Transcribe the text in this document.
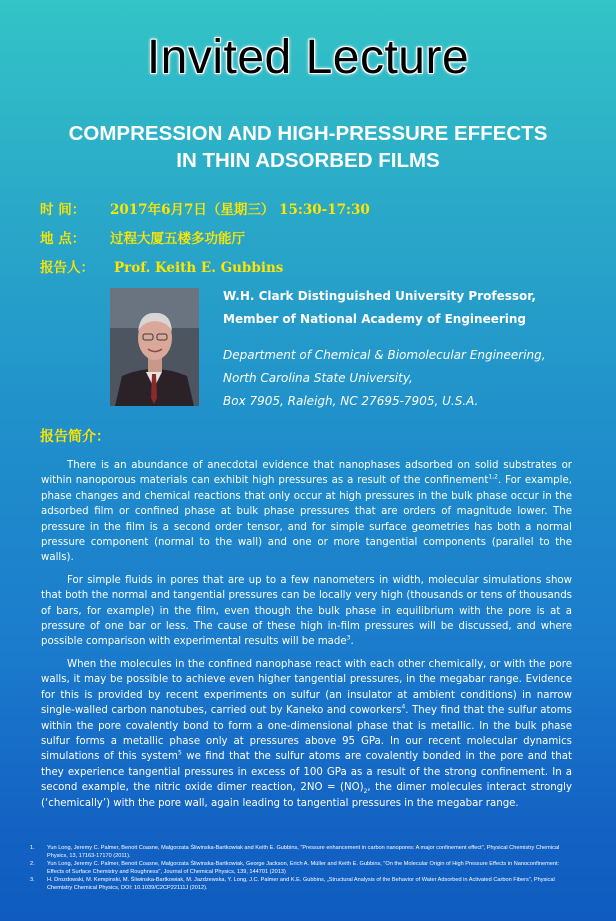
Invited Lecture
COMPRESSION AND HIGH-PRESSURE EFFECTS
IN THIN ADSORBED FILMS
时 间： 2017年6月7日（星期三） 15:30-17:30
地 点： 过程大厦五楼多功能厅
报告人： Prof. Keith E. Gubbins
W.H. Clark Distinguished University Professor,
Member of National Academy of Engineering
Department of Chemical & Biomolecular Engineering,
North Carolina State University,
Box 7905, Raleigh, NC 27695-7905, U.S.A.
报告简介：

There is an abundance of anecdotal evidence that nanophases adsorbed on solid substrates or within nanoporous materials can exhibit high pressures as a result of the confinement$^{1,2}$. For example, phase changes and chemical reactions that only occur at high pressures in the bulk phase occur in the adsorbed film or confined phase at bulk phase pressures that are orders of magnitude lower. The pressure in the film is a second order tensor, and for simple surface geometries has both a normal pressure component (normal to the wall) and one or more tangential components (parallel to the walls).

For simple fluids in pores that are up to a few nanometers in width, molecular simulations show that both the normal and tangential pressures can be locally very high (thousands or tens of thousands of bars, for example) in the film, even though the bulk phase in equilibrium with the pore is at a pressure of one bar or less. The cause of these high in-film pressures will be discussed, and where possible comparison with experimental results will be made$^3$.

When the molecules in the confined nanophase react with each other chemically, or with the pore walls, it may be possible to achieve even higher tangential pressures, in the megabar range. Evidence for this is provided by recent experiments on sulfur (an insulator at ambient conditions) in narrow single-walled carbon nanotubes, carried out by Kaneko and coworkers$^4$. They find that the sulfur atoms within the pore covalently bond to form a one-dimensional phase that is metallic. In the bulk phase sulfur forms a metallic phase only at pressures above 95 GPa. In our recent molecular dynamics simulations of this system$^5$ we find that the sulfur atoms are covalently bonded in the pore and that they experience tangential pressures in excess of 100 GPa as a result of the strong confinement. In a second example, the nitric oxide dimer reaction, $2NO = (NO)_2$, the dimer molecules interact strongly (‘chemically’) with the pore wall, again leading to tangential pressures in the megabar range.

1.	Yun Long, Jeremy C. Palmer, Benoit Coasne, Malgorzata Śliwinska-Bartkowiak and Keith E. Gubbins, "Pressure enhancement in carbon nanopores: A major confinement effect", Physical Chemistry Chemical Physics, 13, 17163-17170 (2011).
2.	Yun Long, Jeremy C. Palmer, Benoit Coasne, Malgorzata Śliwinska-Bartkowiak, George Jackson, Erich A. Müller and Keith E. Gubbins, "On the Molecular Origin of High Pressure Effects in Nanoconfinement: Effects of Surface Chemistry and Roughness", Journal of Chemical Physics, 139, 144701 (2013)
3.	H. Drozdowski, M. Kempinski, M. Śliwinska-Bartkowiak, M. Jazdzewska, Y. Long, J.C. Palmer and K.E. Gubbins, „Structural Analysis of the Behavior of Water Adsorbed in Activated Carbon Fibers", Physical Chemistry Chemical Physics, DOI: 10.1039/C2CP22111J (2012).
